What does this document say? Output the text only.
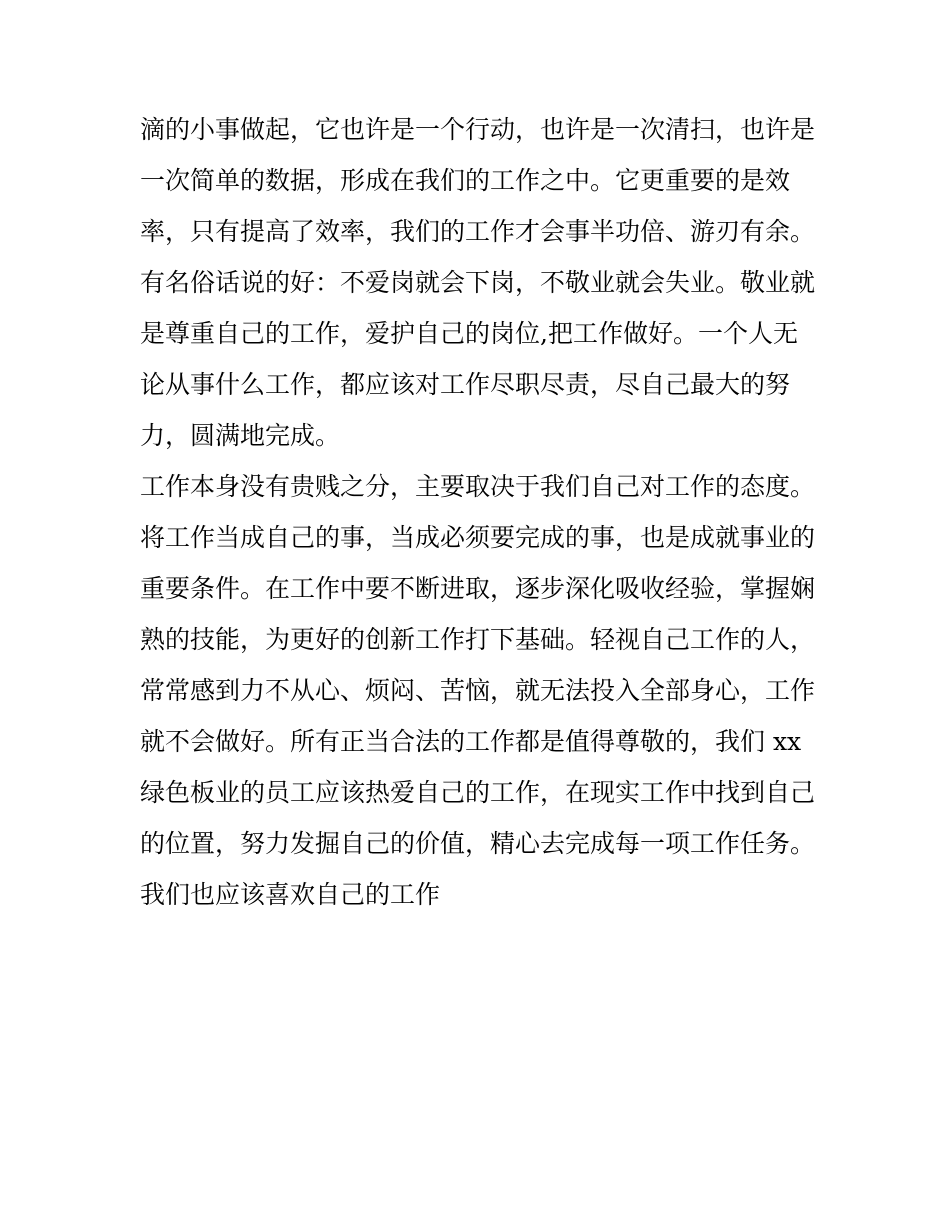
滴的小事做起，它也许是一个行动，也许是一次清扫，也许是
一次简单的数据，形成在我们的工作之中。它更重要的是效
率，只有提高了效率，我们的工作才会事半功倍、游刃有余。
有名俗话说的好：不爱岗就会下岗，不敬业就会失业。敬业就
是尊重自己的工作，爱护自己的岗位,把工作做好。一个人无
论从事什么工作，都应该对工作尽职尽责，尽自己最大的努
力，圆满地完成。
工作本身没有贵贱之分，主要取决于我们自己对工作的态度。
将工作当成自己的事，当成必须要完成的事，也是成就事业的
重要条件。在工作中要不断进取，逐步深化吸收经验，掌握娴
熟的技能，为更好的创新工作打下基础。轻视自己工作的人，
常常感到力不从心、烦闷、苦恼，就无法投入全部身心，工作
就不会做好。所有正当合法的工作都是值得尊敬的，我们 xx
绿色板业的员工应该热爱自己的工作，在现实工作中找到自己
的位置，努力发掘自己的价值，精心去完成每一项工作任务。
我们也应该喜欢自己的工作
